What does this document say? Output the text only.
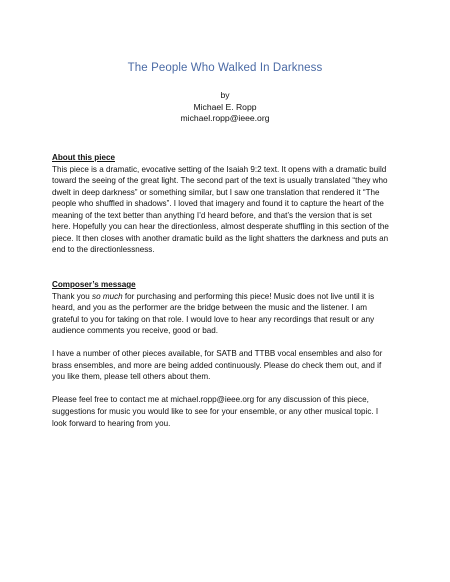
The People Who Walked In Darkness
by
Michael E. Ropp
michael.ropp@ieee.org
About this piece
This piece is a dramatic, evocative setting of the Isaiah 9:2 text. It opens with a dramatic build
toward the seeing of the great light. The second part of the text is usually translated “they who
dwelt in deep darkness” or something similar, but I saw one translation that rendered it “The
people who shuffled in shadows”. I loved that imagery and found it to capture the heart of the
meaning of the text better than anything I’d heard before, and that’s the version that is set
here. Hopefully you can hear the directionless, almost desperate shuffling in this section of the
piece. It then closes with another dramatic build as the light shatters the darkness and puts an
end to the directionlessness.
Composer’s message
Thank you so much for purchasing and performing this piece! Music does not live until it is
heard, and you as the performer are the bridge between the music and the listener. I am
grateful to you for taking on that role. I would love to hear any recordings that result or any
audience comments you receive, good or bad.
I have a number of other pieces available, for SATB and TTBB vocal ensembles and also for
brass ensembles, and more are being added continuously. Please do check them out, and if
you like them, please tell others about them.
Please feel free to contact me at michael.ropp@ieee.org for any discussion of this piece,
suggestions for music you would like to see for your ensemble, or any other musical topic. I
look forward to hearing from you.
